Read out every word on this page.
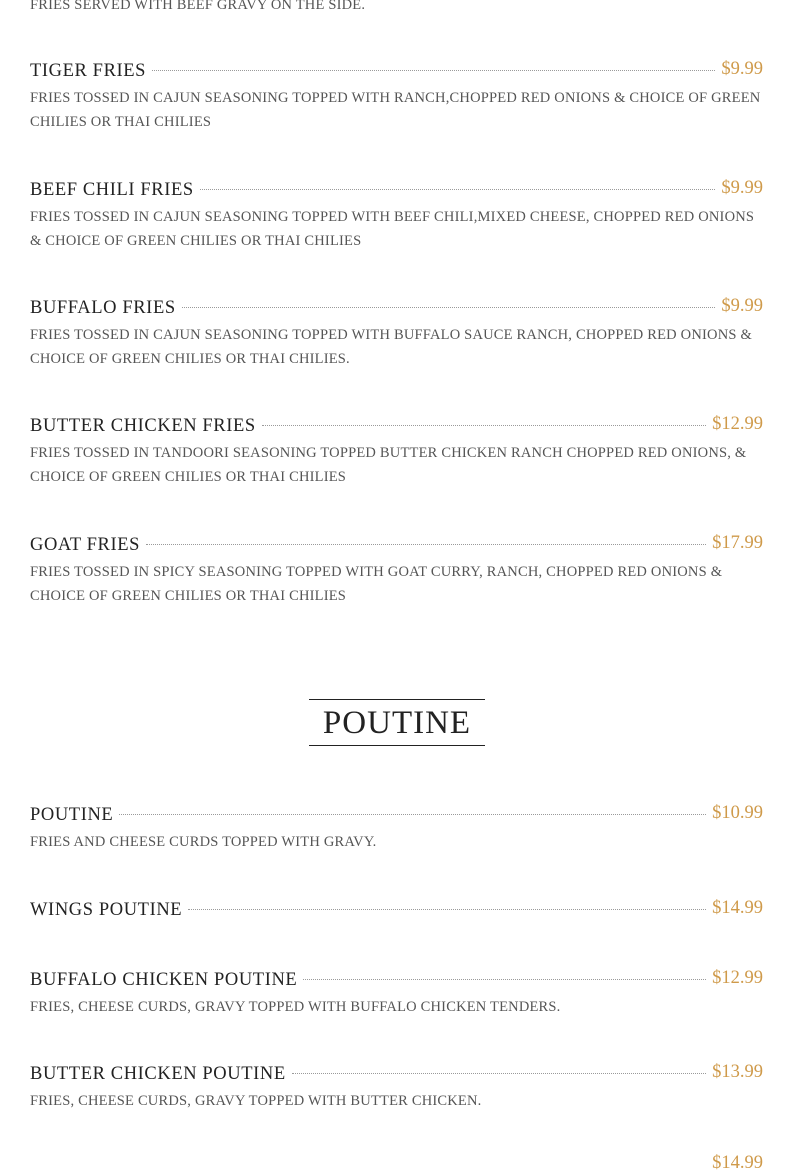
FRIES SERVED WITH BEEF GRAVY ON THE SIDE.
TIGER FRIES	$9.99
FRIES TOSSED IN CAJUN SEASONING TOPPED WITH RANCH,CHOPPED RED ONIONS & CHOICE OF GREEN CHILIES OR THAI CHILIES
BEEF CHILI FRIES	$9.99
FRIES TOSSED IN CAJUN SEASONING TOPPED WITH BEEF CHILI,MIXED CHEESE, CHOPPED RED ONIONS & CHOICE OF GREEN CHILIES OR THAI CHILIES
BUFFALO FRIES	$9.99
FRIES TOSSED IN CAJUN SEASONING TOPPED WITH BUFFALO SAUCE RANCH, CHOPPED RED ONIONS & CHOICE OF GREEN CHILIES OR THAI CHILIES.
BUTTER CHICKEN FRIES	$12.99
FRIES TOSSED IN TANDOORI SEASONING TOPPED BUTTER CHICKEN RANCH CHOPPED RED ONIONS, & CHOICE OF GREEN CHILIES OR THAI CHILIES
GOAT FRIES	$17.99
FRIES TOSSED IN SPICY SEASONING TOPPED WITH GOAT CURRY, RANCH, CHOPPED RED ONIONS & CHOICE OF GREEN CHILIES OR THAI CHILIES
POUTINE
POUTINE	$10.99
FRIES AND CHEESE CURDS TOPPED WITH GRAVY.
WINGS POUTINE	$14.99
BUFFALO CHICKEN POUTINE	$12.99
FRIES, CHEESE CURDS, GRAVY TOPPED WITH BUFFALO CHICKEN TENDERS.
BUTTER CHICKEN POUTINE	$13.99
FRIES, CHEESE CURDS, GRAVY TOPPED WITH BUTTER CHICKEN.
$14.99
